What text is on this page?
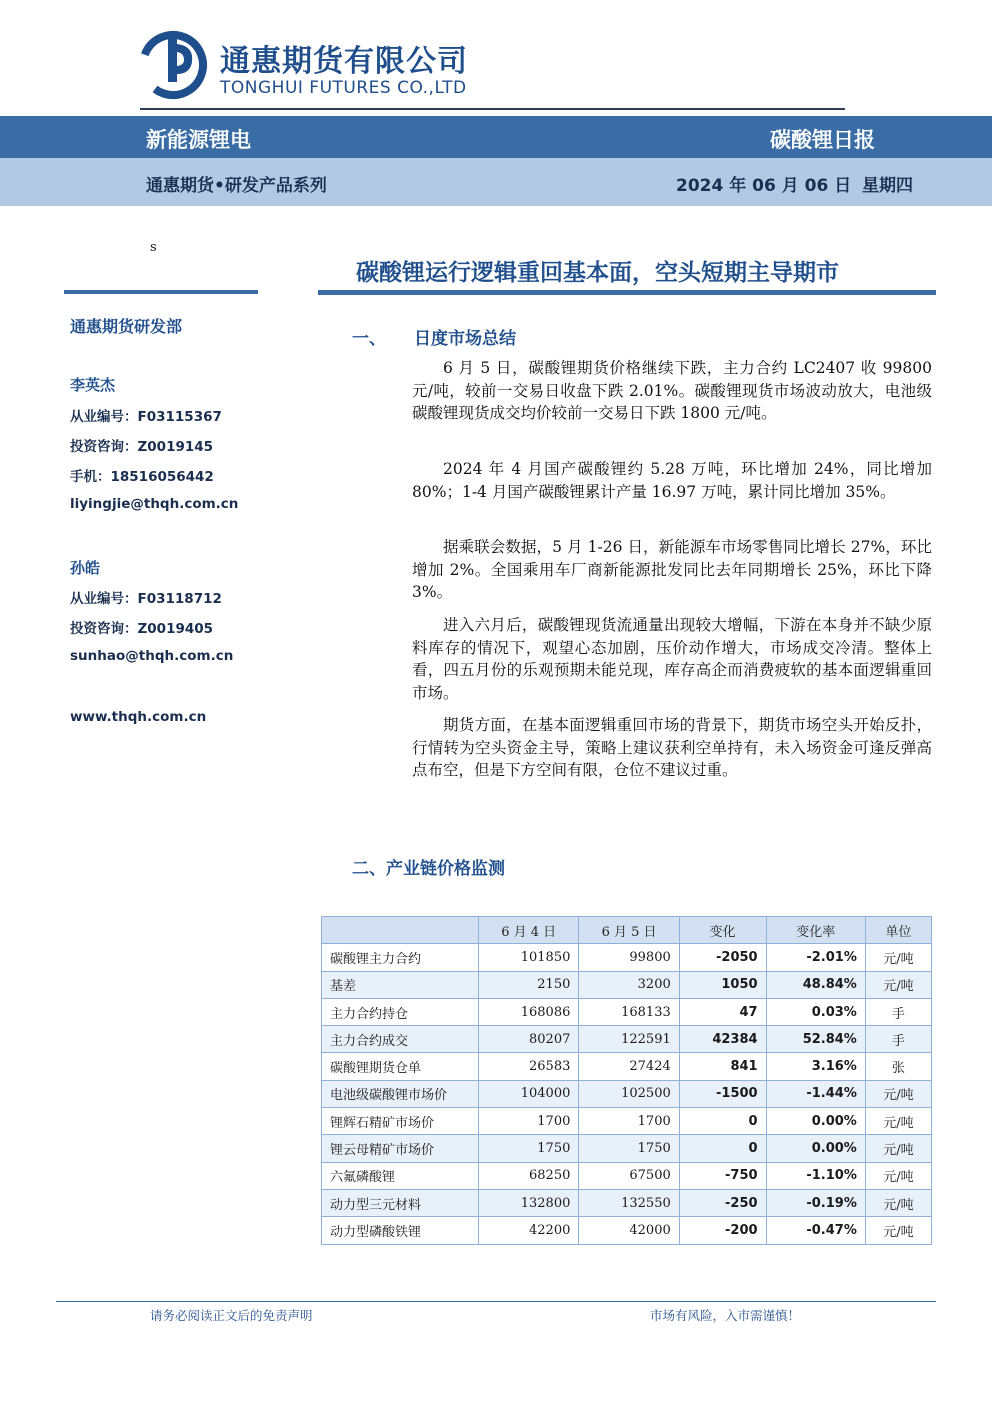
通惠期货有限公司
TONGHUI FUTURES CO.,LTD
新能源锂电	碳酸锂日报
通惠期货•研发产品系列	2024 年 06 月 06 日 星期四
s
通惠期货研发部
李英杰
从业编号：F03115367
投资咨询：Z0019145
手机：18516056442
liyingjie@thqh.com.cn
孙皓
从业编号：F03118712
投资咨询：Z0019405
sunhao@thqh.com.cn
www.thqh.com.cn
碳酸锂运行逻辑重回基本面，空头短期主导期市
一、 日度市场总结

6 月 5 日，碳酸锂期货价格继续下跌，主力合约 LC2407 收 99800 元/吨，较前一交易日收盘下跌 2.01%。碳酸锂现货市场波动放大，电池级碳酸锂现货成交均价较前一交易日下跌 1800 元/吨。

2024 年 4 月国产碳酸锂约 5.28 万吨，环比增加 24%，同比增加 80%；1-4 月国产碳酸锂累计产量 16.97 万吨，累计同比增加 35%。

据乘联会数据，5 月 1-26 日，新能源车市场零售同比增长 27%，环比增加 2%。全国乘用车厂商新能源批发同比去年同期增长 25%，环比下降 3%。

进入六月后，碳酸锂现货流通量出现较大增幅，下游在本身并不缺少原料库存的情况下，观望心态加剧，压价动作增大，市场成交冷清。整体上看，四五月份的乐观预期未能兑现，库存高企而消费疲软的基本面逻辑重回市场。

期货方面，在基本面逻辑重回市场的背景下，期货市场空头开始反扑，行情转为空头资金主导，策略上建议获利空单持有，未入场资金可逢反弹高点布空，但是下方空间有限，仓位不建议过重。

二、产业链价格监测
	6 月 4 日	6 月 5 日	变化	变化率	单位
碳酸锂主力合约	101850	99800	-2050	-2.01%	元/吨
基差	2150	3200	1050	48.84%	元/吨
主力合约持仓	168086	168133	47	0.03%	手
主力合约成交	80207	122591	42384	52.84%	手
碳酸锂期货仓单	26583	27424	841	3.16%	张
电池级碳酸锂市场价	104000	102500	-1500	-1.44%	元/吨
锂辉石精矿市场价	1700	1700	0	0.00%	元/吨
锂云母精矿市场价	1750	1750	0	0.00%	元/吨
六氟磷酸锂	68250	67500	-750	-1.10%	元/吨
动力型三元材料	132800	132550	-250	-0.19%	元/吨
动力型磷酸铁锂	42200	42000	-200	-0.47%	元/吨
请务必阅读正文后的免责声明	市场有风险，入市需谨慎！
